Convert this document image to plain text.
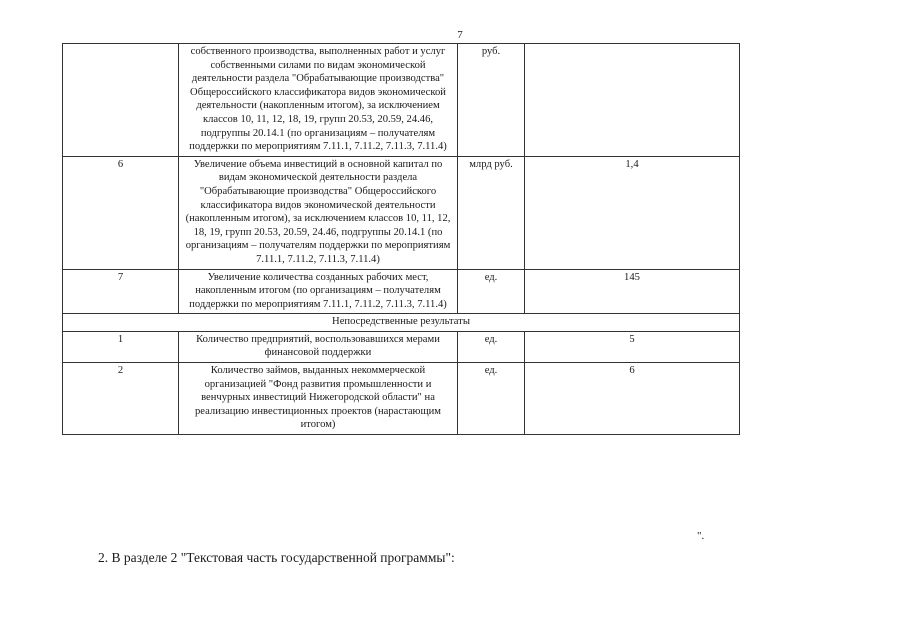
7
	собственного производства, выполненных работ и услуг собственными силами по видам экономической деятельности раздела "Обрабатывающие производства" Общероссийского классификатора видов экономической деятельности (накопленным итогом), за исключением классов 10, 11, 12, 18, 19, групп 20.53, 20.59, 24.46, подгруппы 20.14.1 (по организациям – получателям поддержки по мероприятиям 7.11.1, 7.11.2, 7.11.3, 7.11.4)	руб.	
6	Увеличение объема инвестиций в основной капитал по видам экономической деятельности раздела "Обрабатывающие производства" Общероссийского классификатора видов экономической деятельности (накопленным итогом), за исключением классов 10, 11, 12, 18, 19, групп 20.53, 20.59, 24.46, подгруппы 20.14.1 (по организациям – получателям поддержки по мероприятиям 7.11.1, 7.11.2, 7.11.3, 7.11.4)	млрд руб.	1,4
7	Увеличение количества созданных рабочих мест, накопленным итогом (по организациям – получателям поддержки по мероприятиям 7.11.1, 7.11.2, 7.11.3, 7.11.4)	ед.	145
Непосредственные результаты			
1	Количество предприятий, воспользовавшихся мерами финансовой поддержки	ед.	5
2	Количество займов, выданных некоммерческой организацией "Фонд развития промышленности и венчурных инвестиций Нижегородской области" на реализацию инвестиционных проектов (нарастающим итогом)	ед.	6
".
2. В разделе 2 "Текстовая часть государственной программы":
